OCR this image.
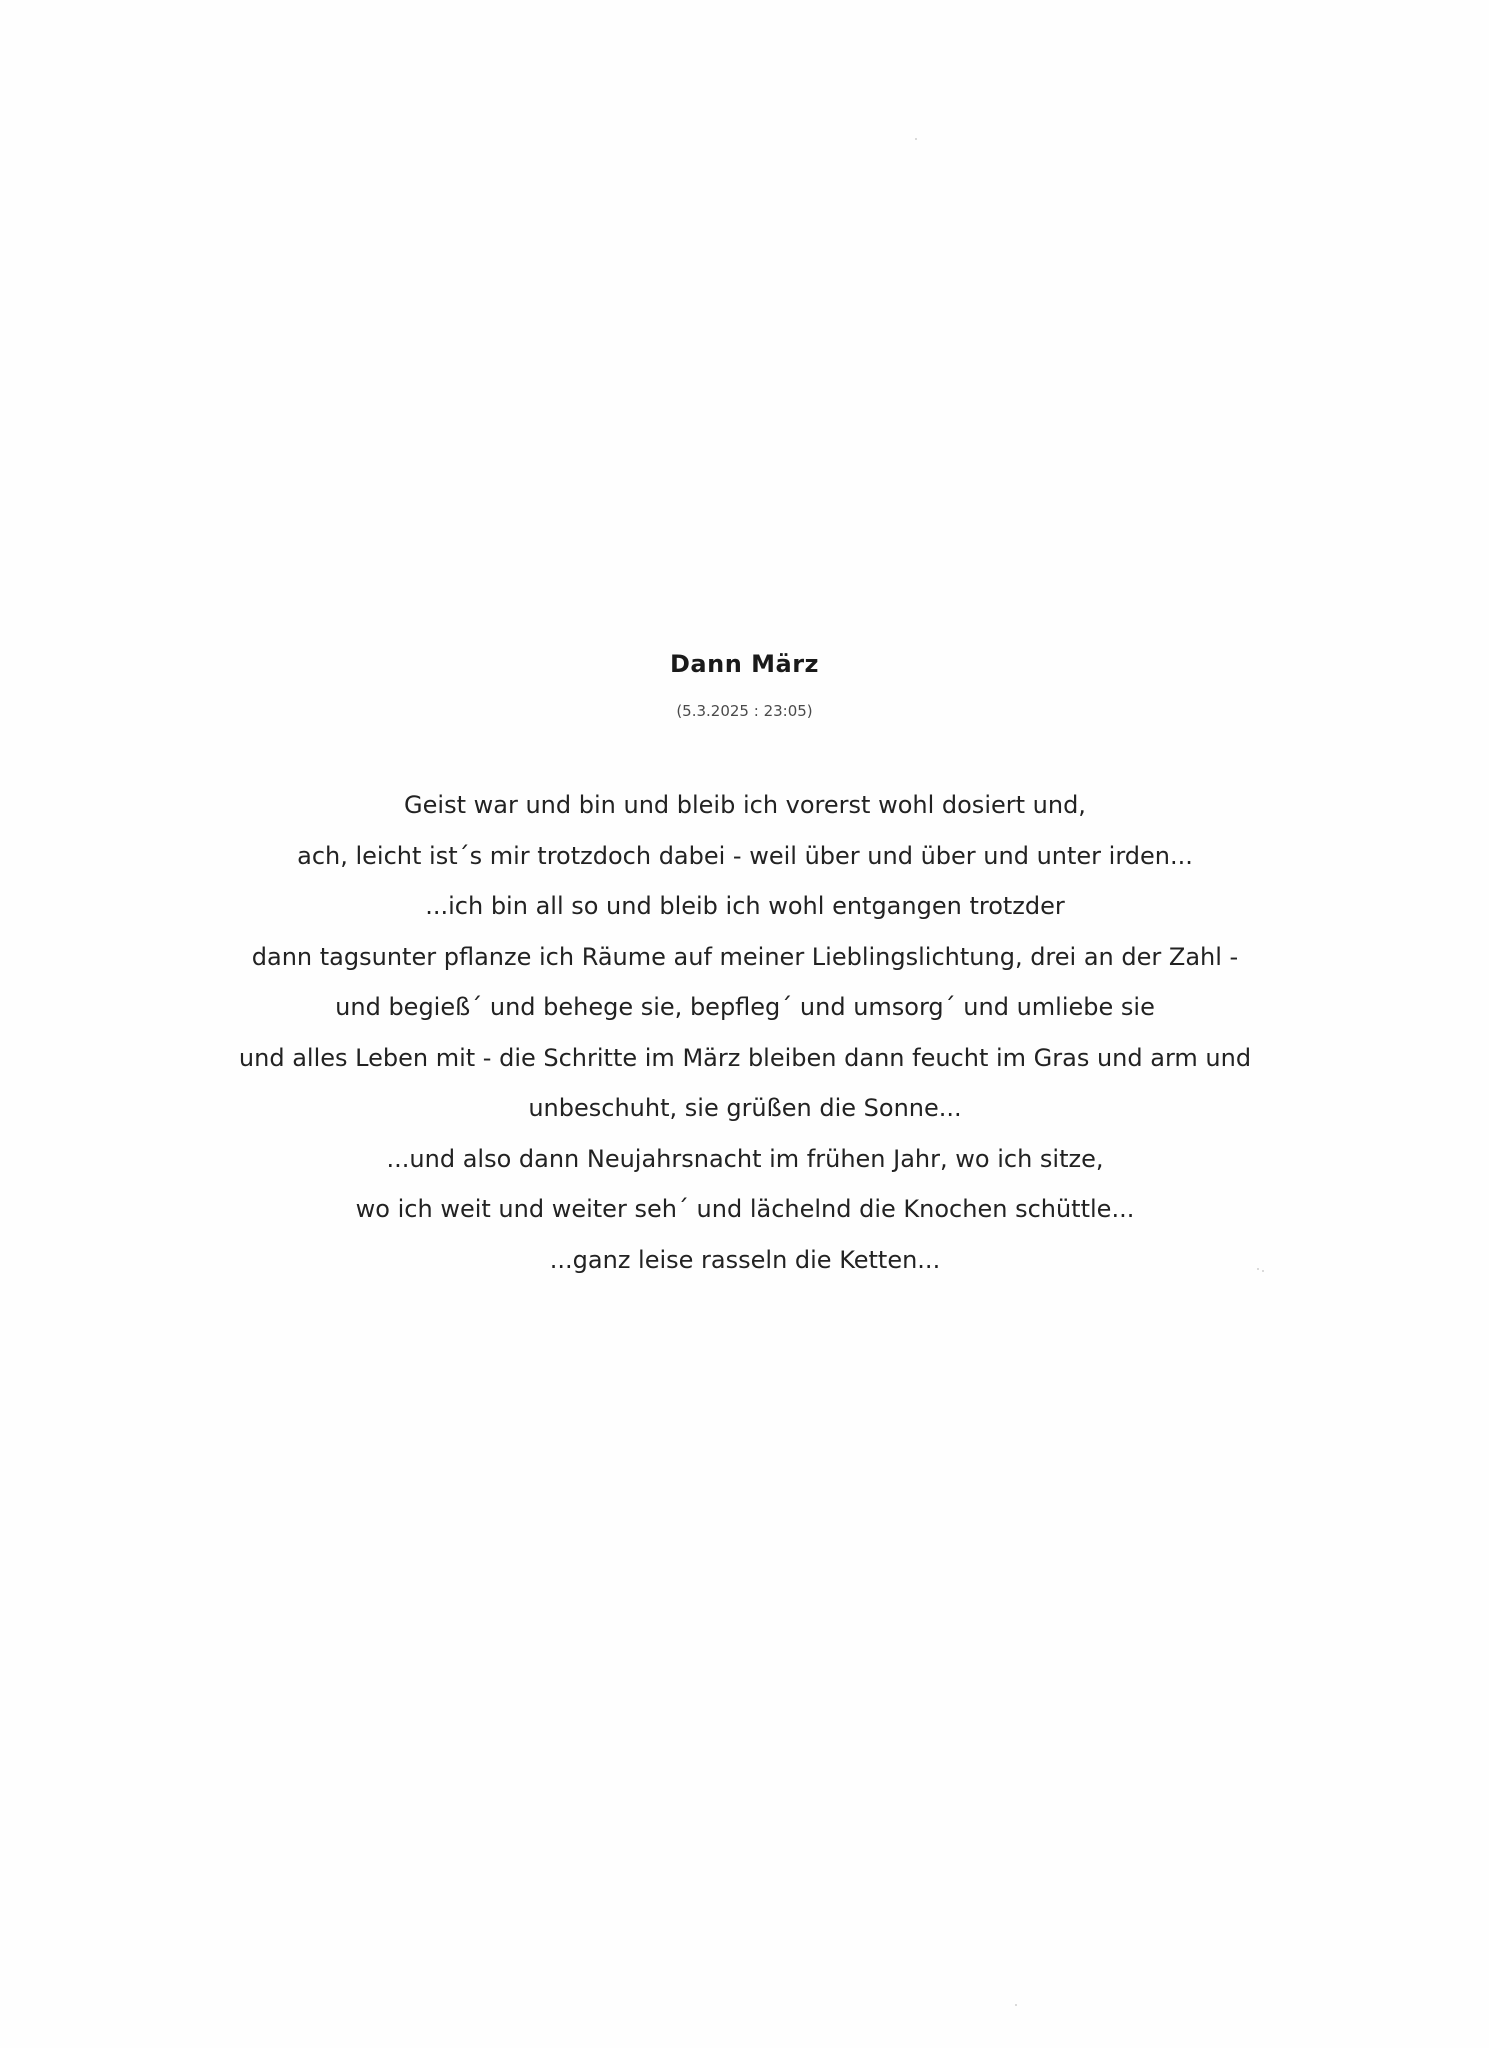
Dann März
(5.3.2025 : 23:05)
Geist war und bin und bleib ich vorerst wohl dosiert und,
ach, leicht ist´s mir trotzdoch dabei - weil über und über und unter irden...
...ich bin all so und bleib ich wohl entgangen trotzder
dann tagsunter pflanze ich Räume auf meiner Lieblingslichtung, drei an der Zahl -
und begieß´ und behege sie, bepfleg´ und umsorg´ und umliebe sie
und alles Leben mit - die Schritte im März bleiben dann feucht im Gras und arm und
unbeschuht, sie grüßen die Sonne...
...und also dann Neujahrsnacht im frühen Jahr, wo ich sitze,
wo ich weit und weiter seh´ und lächelnd die Knochen schüttle...
...ganz leise rasseln die Ketten...
